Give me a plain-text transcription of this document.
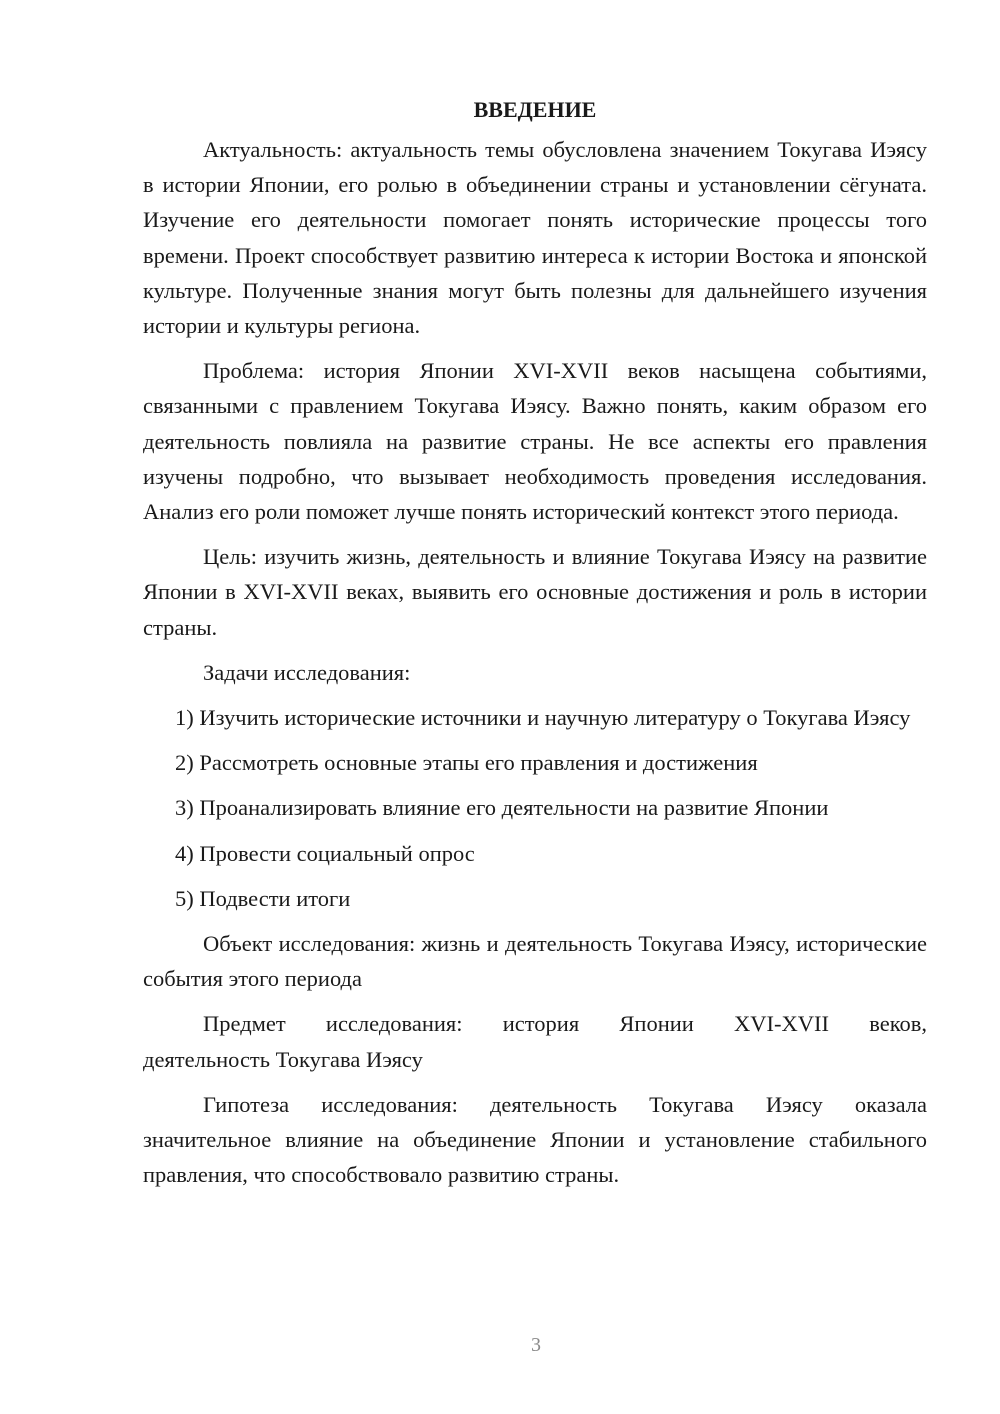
ВВЕДЕНИЕ

Актуальность: актуальность темы обусловлена значением Токугава Иэясу в истории Японии, его ролью в объединении страны и установлении сёгуната. Изучение его деятельности помогает понять исторические процессы того времени. Проект способствует развитию интереса к истории Востока и японской культуре. Полученные знания могут быть полезны для дальнейшего изучения истории и культуры региона.

Проблема: история Японии XVI-XVII веков насыщена событиями, связанными с правлением Токугава Иэясу. Важно понять, каким образом его деятельность повлияла на развитие страны. Не все аспекты его правления изучены подробно, что вызывает необходимость проведения исследования. Анализ его роли поможет лучше понять исторический контекст этого периода.

Цель: изучить жизнь, деятельность и влияние Токугава Иэясу на развитие Японии в XVI-XVII веках, выявить его основные достижения и роль в истории страны.

Задачи исследования:

1) Изучить исторические источники и научную литературу о Токугава Иэясу

2) Рассмотреть основные этапы его правления и достижения

3) Проанализировать влияние его деятельности на развитие Японии

4) Провести социальный опрос

5) Подвести итоги

Объект исследования: жизнь и деятельность Токугава Иэясу, исторические события этого периода

Предмет исследования: история Японии XVI-XVII веков,

деятельность Токугава Иэясу

Гипотеза исследования: деятельность Токугава Иэясу оказала значительное влияние на объединение Японии и установление стабильного правления, что способствовало развитию страны.

3
